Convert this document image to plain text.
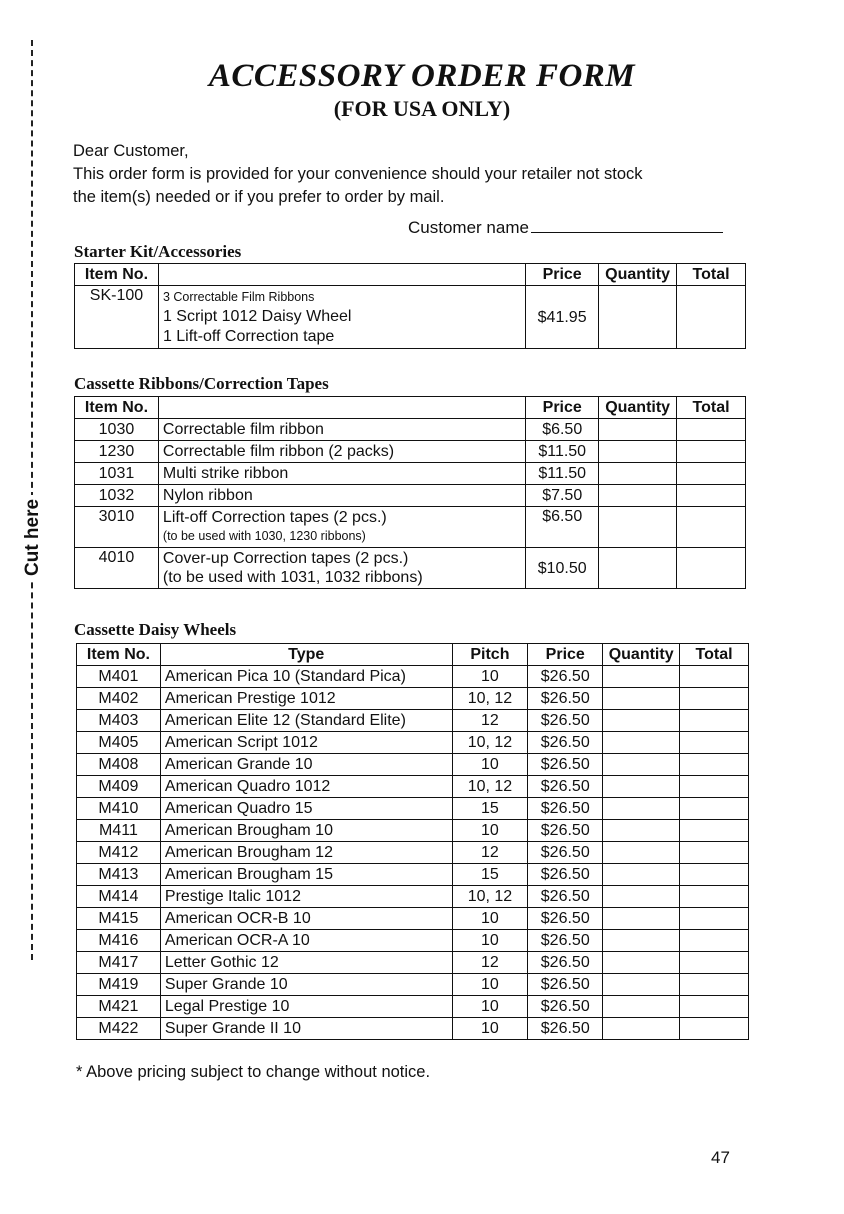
Cut here
ACCESSORY ORDER FORM
(FOR USA ONLY)
Dear Customer,
This order form is provided for your convenience should your retailer not stock
the item(s) needed or if you prefer to order by mail.
Customer name
Starter Kit/Accessories
Item No.		Price	Quantity	Total
SK-100	3 Correctable Film Ribbons
1 Script 1012 Daisy Wheel
1 Lift-off Correction tape	$41.95		
Cassette Ribbons/Correction Tapes
Item No.		Price	Quantity	Total
1030	Correctable film ribbon	$6.50		
1230	Correctable film ribbon (2 packs)	$11.50		
1031	Multi strike ribbon	$11.50		
1032	Nylon ribbon	$7.50		
3010	Lift-off Correction tapes (2 pcs.)
(to be used with 1030, 1230 ribbons)	$6.50		
4010	Cover-up Correction tapes (2 pcs.)
(to be used with 1031, 1032 ribbons)	$10.50		
Cassette Daisy Wheels
Item No.	Type	Pitch	Price	Quantity	Total
M401	American Pica 10 (Standard Pica)	10	$26.50		
M402	American Prestige 1012	10, 12	$26.50		
M403	American Elite 12 (Standard Elite)	12	$26.50		
M405	American Script 1012	10, 12	$26.50		
M408	American Grande 10	10	$26.50		
M409	American Quadro 1012	10, 12	$26.50		
M410	American Quadro 15	15	$26.50		
M411	American Brougham 10	10	$26.50		
M412	American Brougham 12	12	$26.50		
M413	American Brougham 15	15	$26.50		
M414	Prestige Italic 1012	10, 12	$26.50		
M415	American OCR-B 10	10	$26.50		
M416	American OCR-A 10	10	$26.50		
M417	Letter Gothic 12	12	$26.50		
M419	Super Grande 10	10	$26.50		
M421	Legal Prestige 10	10	$26.50		
M422	Super Grande II 10	10	$26.50		
* Above pricing subject to change without notice.
47
